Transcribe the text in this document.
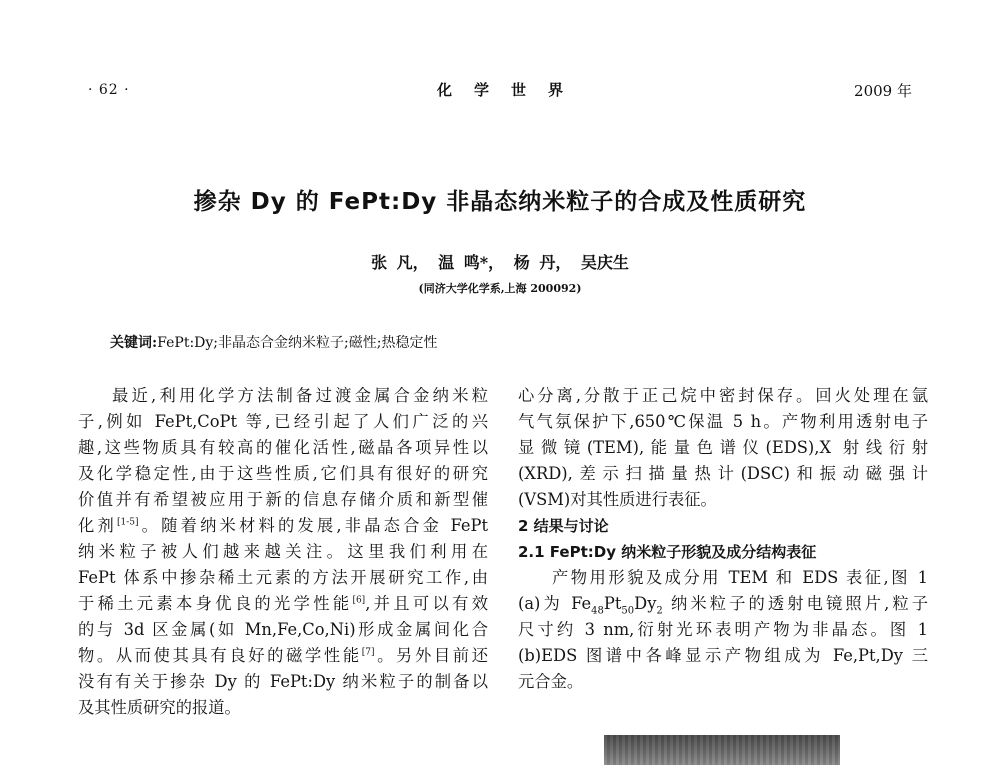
· 62 ·	化学世界	2009 年
掺杂 Dy 的 FePt:Dy 非晶态纳米粒子的合成及性质研究
张 凡， 温 鸣*， 杨 丹， 吴庆生
(同济大学化学系,上海 200092)
关键词:FePt:Dy;非晶态合金纳米粒子;磁性;热稳定性
最近,利用化学方法制备过渡金属合金纳米粒
子,例如 FePt,CoPt 等,已经引起了人们广泛的兴
趣,这些物质具有较高的催化活性,磁晶各项异性以
及化学稳定性,由于这些性质,它们具有很好的研究
价值并有希望被应用于新的信息存储介质和新型催
化剂[1-5]。随着纳米材料的发展,非晶态合金 FePt
纳米粒子被人们越来越关注。这里我们利用在
FePt 体系中掺杂稀土元素的方法开展研究工作,由
于稀土元素本身优良的光学性能[6],并且可以有效
的与 3d 区金属(如 Mn,Fe,Co,Ni)形成金属间化合
物。从而使其具有良好的磁学性能[7]。另外目前还
没有有关于掺杂 Dy 的 FePt:Dy 纳米粒子的制备以
及其性质研究的报道。
心分离,分散于正己烷中密封保存。回火处理在氩
气气氛保护下,650℃保温 5 h。产物利用透射电子
显微镜(TEM),能量色谱仪(EDS),X 射线衍射
(XRD),差示扫描量热计(DSC)和振动磁强计
(VSM)对其性质进行表征。
2 结果与讨论
2.1 FePt:Dy 纳米粒子形貌及成分结构表征
产物用形貌及成分用 TEM 和 EDS 表征,图 1
(a)为 $Fe_{48}Pt_{50}Dy_2$ 纳米粒子的透射电镜照片,粒子
尺寸约 3 nm,衍射光环表明产物为非晶态。图 1
(b)EDS 图谱中各峰显示产物组成为 Fe,Pt,Dy 三
元合金。
